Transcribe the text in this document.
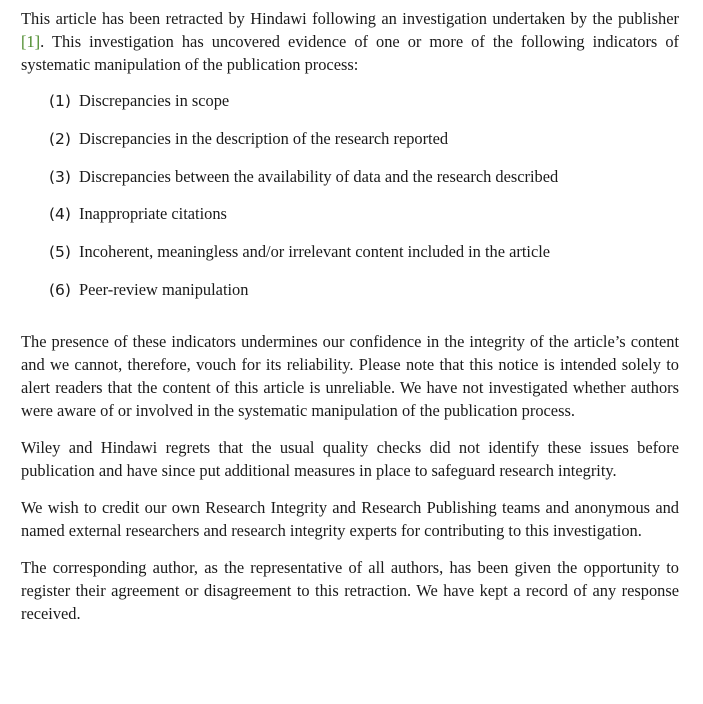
This article has been retracted by Hindawi following an investigation undertaken by the publisher [1]. This investigation has uncovered evidence of one or more of the following indicators of systematic manipulation of the publication process:

(1) Discrepancies in scope
(2) Discrepancies in the description of the research reported
(3) Discrepancies between the availability of data and the research described
(4) Inappropriate citations
(5) Incoherent, meaningless and/or irrelevant content included in the article
(6) Peer-review manipulation

The presence of these indicators undermines our confidence in the integrity of the article’s content and we cannot, therefore, vouch for its reliability. Please note that this notice is intended solely to alert readers that the content of this article is unreliable. We have not investigated whether authors were aware of or involved in the systematic manipulation of the publication process.

Wiley and Hindawi regrets that the usual quality checks did not identify these issues before publication and have since put additional measures in place to safeguard research integrity.

We wish to credit our own Research Integrity and Research Publishing teams and anonymous and named external researchers and research integrity experts for contributing to this investigation.

The corresponding author, as the representative of all authors, has been given the opportunity to register their agreement or disagreement to this retraction. We have kept a record of any response received.
